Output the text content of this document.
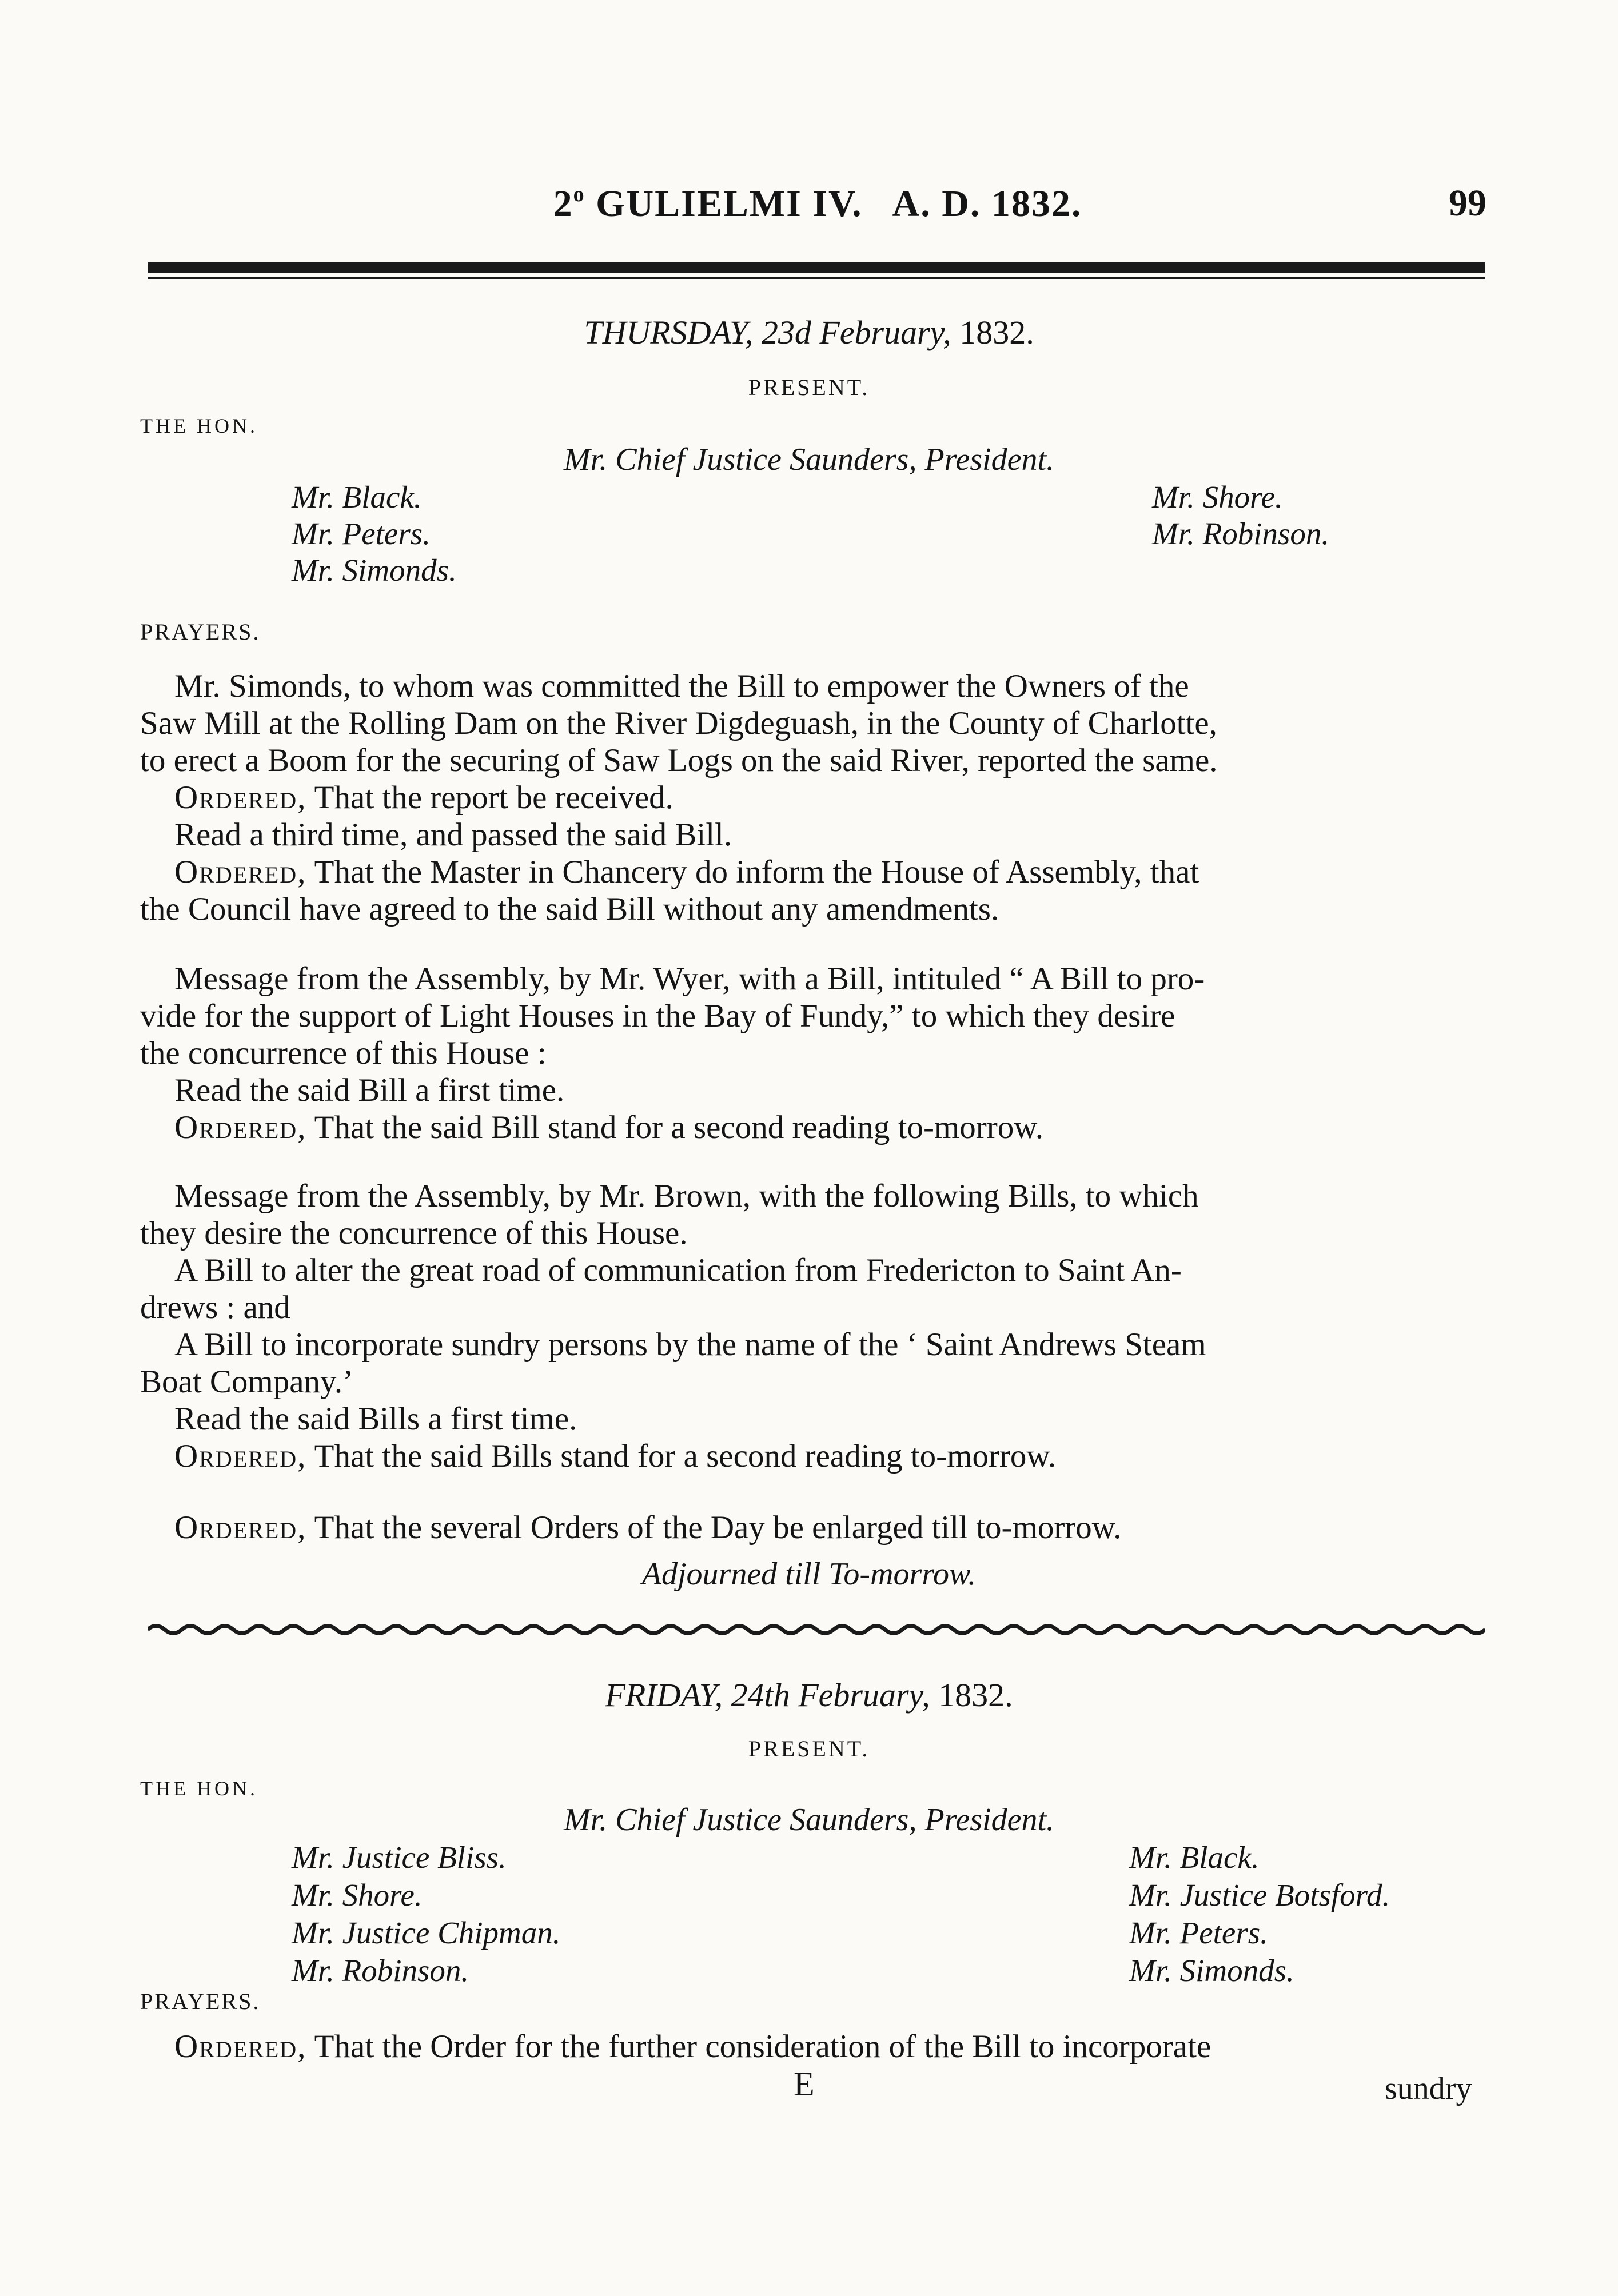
2$^o$ GULIELMI IV.   A. D. 1832.	99
THURSDAY, 23d February, 1832.
PRESENT.
THE HON.
Mr. Chief Justice Saunders, President.
Mr. Black.
Mr. Peters.
Mr. Simonds.
Mr. Shore.
Mr. Robinson.
PRAYERS.
Mr. Simonds, to whom was committed the Bill to empower the Owners of the
Saw Mill at the Rolling Dam on the River Digdeguash, in the County of Charlotte,
to erect a Boom for the securing of Saw Logs on the said River, reported the same.
Ordered, That the report be received.
Read a third time, and passed the said Bill.
Ordered, That the Master in Chancery do inform the House of Assembly, that
the Council have agreed to the said Bill without any amendments.
Message from the Assembly, by Mr. Wyer, with a Bill, intituled “ A Bill to pro-
vide for the support of Light Houses in the Bay of Fundy,” to which they desire
the concurrence of this House :
Read the said Bill a first time.
Ordered, That the said Bill stand for a second reading to-morrow.
Message from the Assembly, by Mr. Brown, with the following Bills, to which
they desire the concurrence of this House.
A Bill to alter the great road of communication from Fredericton to Saint An-
drews : and
A Bill to incorporate sundry persons by the name of the ‘ Saint Andrews Steam
Boat Company.’
Read the said Bills a first time.
Ordered, That the said Bills stand for a second reading to-morrow.
Ordered, That the several Orders of the Day be enlarged till to-morrow.
Adjourned till To-morrow.
FRIDAY, 24th February, 1832.
PRESENT.
THE HON.
Mr. Chief Justice Saunders, President.
Mr. Justice Bliss.
Mr. Shore.
Mr. Justice Chipman.
Mr. Robinson.
Mr. Black.
Mr. Justice Botsford.
Mr. Peters.
Mr. Simonds.
PRAYERS.
Ordered, That the Order for the further consideration of the Bill to incorporate
E	sundry
